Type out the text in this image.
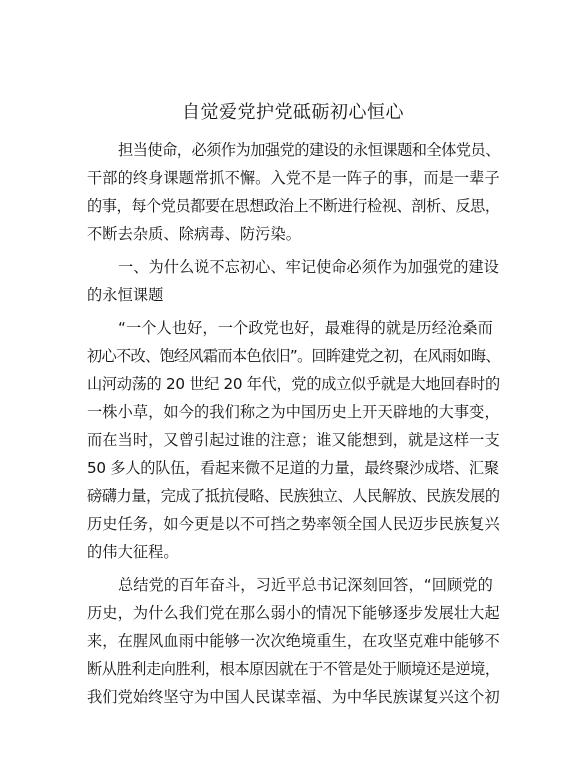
自觉爱党护党砥砺初心恒心
担当使命，必须作为加强党的建设的永恒课题和全体党员、
干部的终身课题常抓不懈。入党不是一阵子的事，而是一辈子
的事，每个党员都要在思想政治上不断进行检视、剖析、反思，
不断去杂质、除病毒、防污染。
一、为什么说不忘初心、牢记使命必须作为加强党的建设
的永恒课题
“一个人也好，一个政党也好，最难得的就是历经沧桑而
初心不改、饱经风霜而本色依旧”。回眸建党之初，在风雨如晦、
山河动荡的 20 世纪 20 年代，党的成立似乎就是大地回春时的
一株小草，如今的我们称之为中国历史上开天辟地的大事变，
而在当时，又曾引起过谁的注意；谁又能想到，就是这样一支
50 多人的队伍，看起来微不足道的力量，最终聚沙成塔、汇聚
磅礴力量，完成了抵抗侵略、民族独立、人民解放、民族发展的
历史任务，如今更是以不可挡之势率领全国人民迈步民族复兴
的伟大征程。
总结党的百年奋斗，习近平总书记深刻回答，“回顾党的
历史，为什么我们党在那么弱小的情况下能够逐步发展壮大起
来，在腥风血雨中能够一次次绝境重生，在攻坚克难中能够不
断从胜利走向胜利，根本原因就在于不管是处于顺境还是逆境，
我们党始终坚守为中国人民谋幸福、为中华民族谋复兴这个初
